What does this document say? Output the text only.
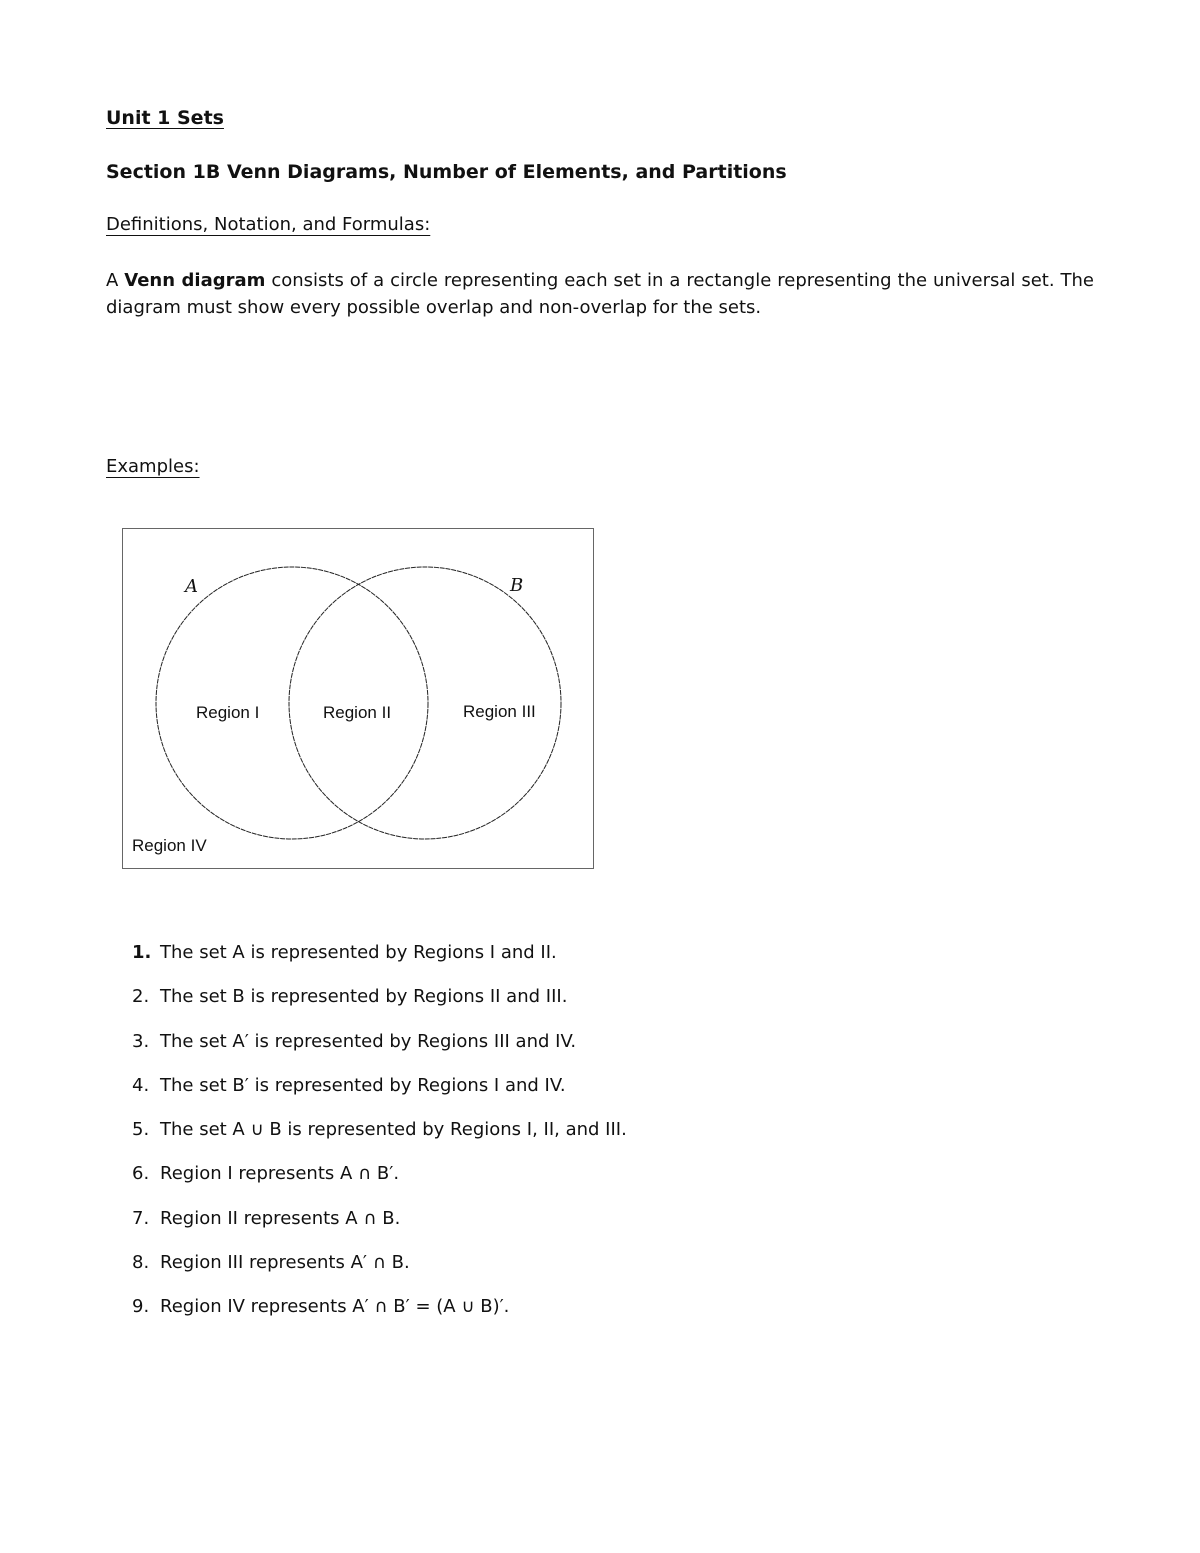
Unit 1 Sets
Section 1B Venn Diagrams, Number of Elements, and Partitions
Definitions, Notation, and Formulas:
A Venn diagram consists of a circle representing each set in a rectangle representing the universal set. The diagram must show every possible overlap and non-overlap for the sets.
Examples:
A	B
Region I	Region II	Region III
Region IV
1. The set A is represented by Regions I and II.
2. The set B is represented by Regions II and III.
3. The set A′ is represented by Regions III and IV.
4. The set B′ is represented by Regions I and IV.
5. The set A ∪ B is represented by Regions I, II, and III.
6. Region I represents A ∩ B′.
7. Region II represents A ∩ B.
8. Region III represents A′ ∩ B.
9. Region IV represents A′ ∩ B′ = (A ∪ B)′.
